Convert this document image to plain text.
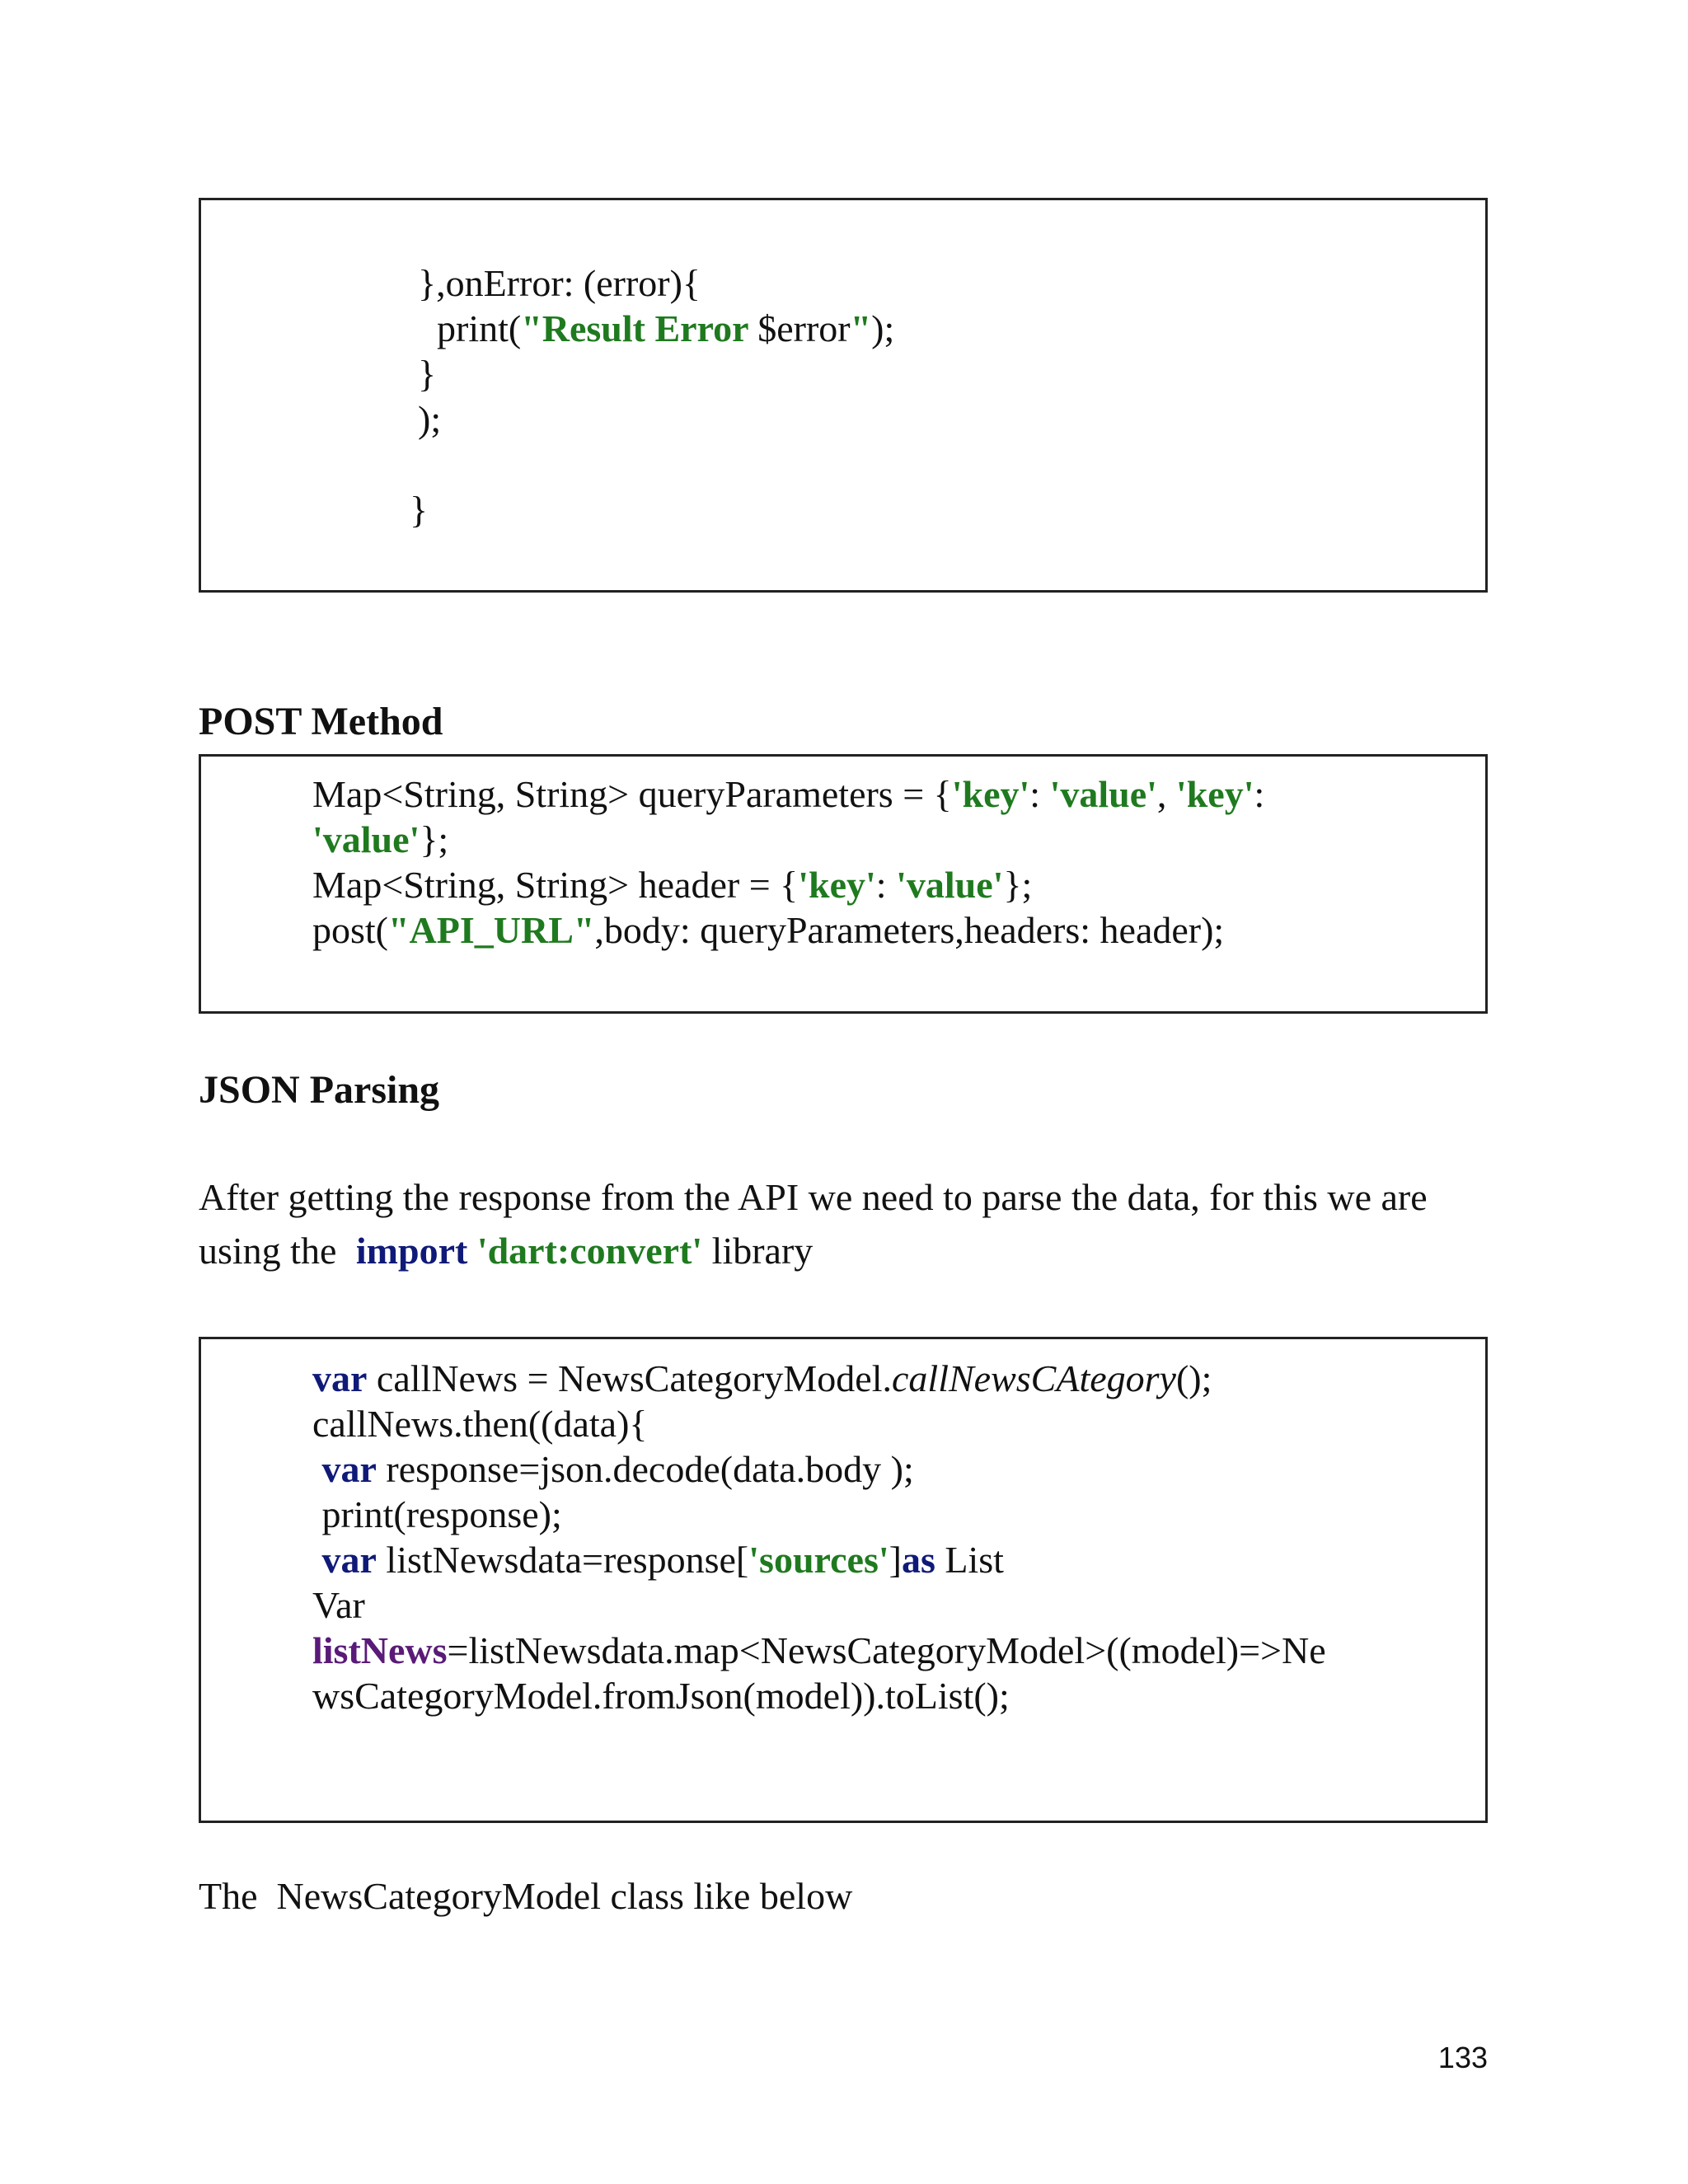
},onError: (error){
print("Result Error $error");
}
);
}
POST Method
Map<String, String> queryParameters = {'key': 'value', 'key':
'value'};
Map<String, String> header = {'key': 'value'};
post("API_URL",body: queryParameters,headers: header);
JSON Parsing

After getting the response from the API we need to parse the data, for this we are using the import 'dart:convert' library

var callNews = NewsCategoryModel.callNewsCAtegory();
callNews.then((data){
var response=json.decode(data.body );
print(response);
var listNewsdata=response['sources']as List
Var
listNews=listNewsdata.map<NewsCategoryModel>((model)=>Ne
wsCategoryModel.fromJson(model)).toList();

The  NewsCategoryModel class like below

133
